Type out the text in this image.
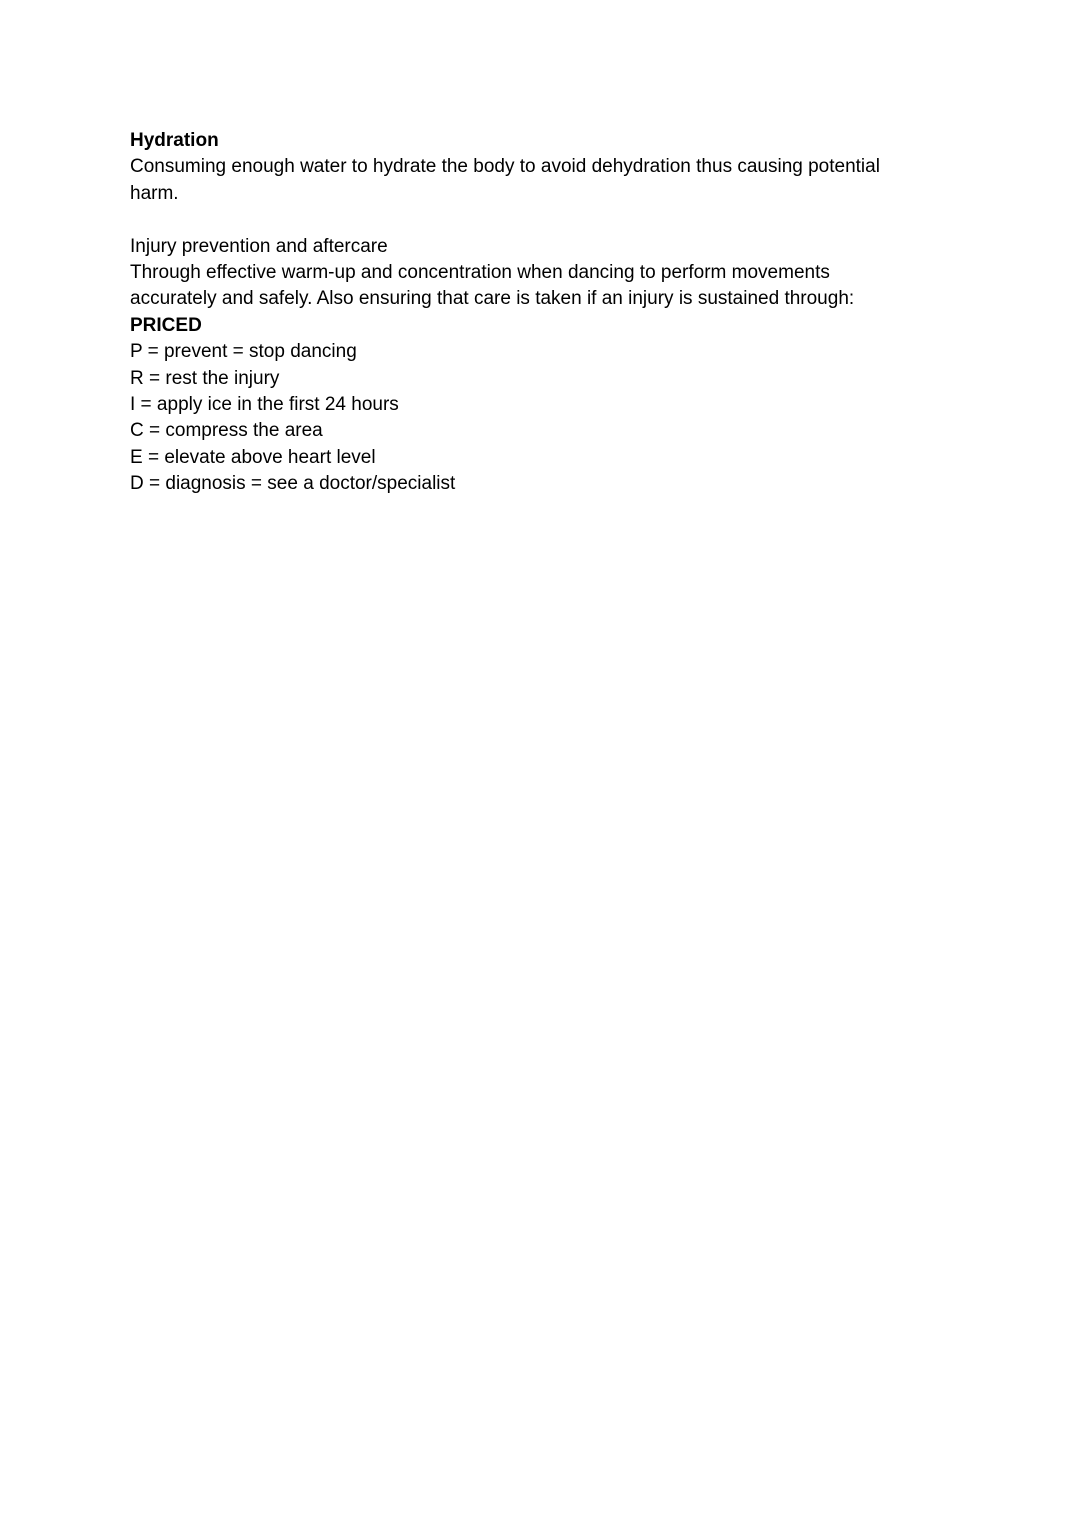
Hydration
Consuming enough water to hydrate the body to avoid dehydration thus causing potential
harm.
Injury prevention and aftercare
Through effective warm-up and concentration when dancing to perform movements
accurately and safely. Also ensuring that care is taken if an injury is sustained through:
PRICED
P = prevent = stop dancing
R = rest the injury
I = apply ice in the first 24 hours
C = compress the area
E = elevate above heart level
D = diagnosis = see a doctor/specialist
